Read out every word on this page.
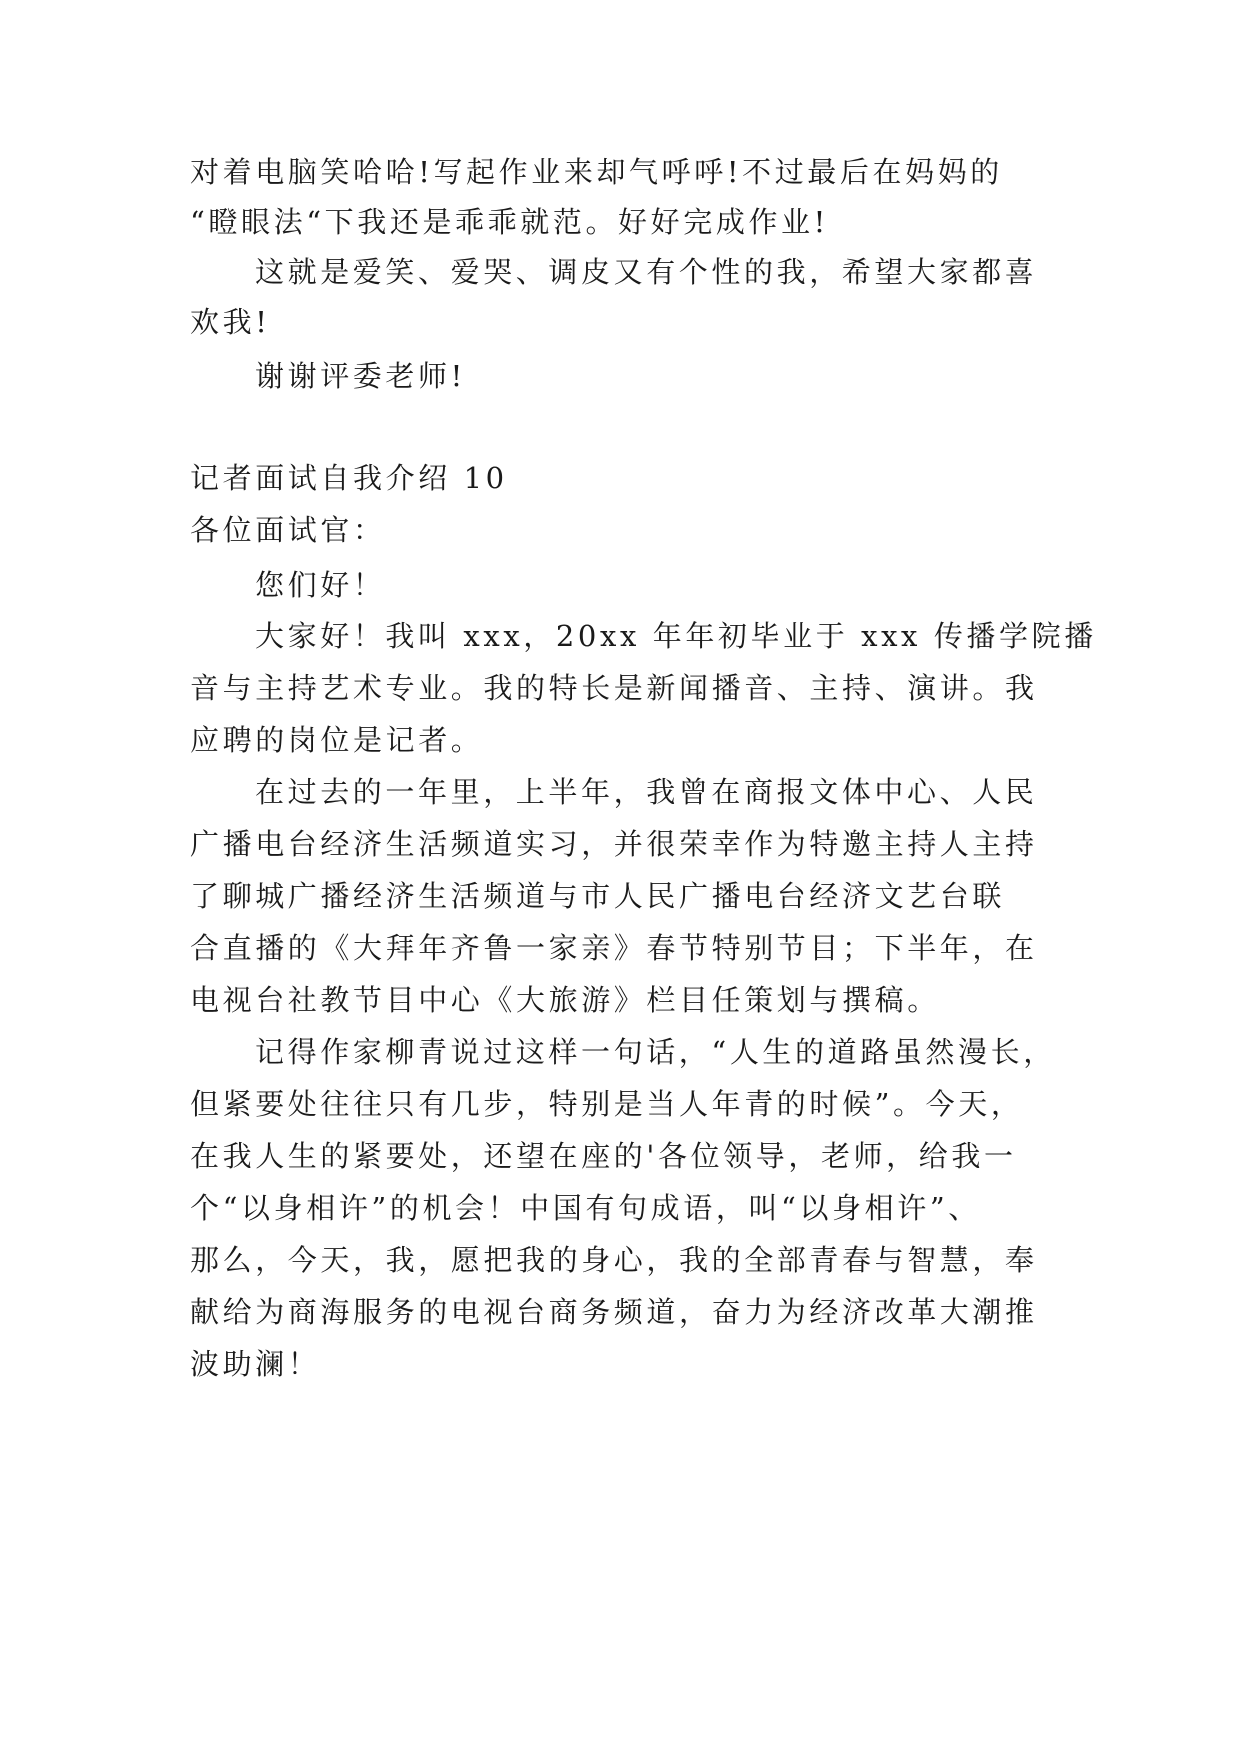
对着电脑笑哈哈!写起作业来却气呼呼!不过最后在妈妈的
“瞪眼法“下我还是乖乖就范。好好完成作业!
这就是爱笑、爱哭、调皮又有个性的我，希望大家都喜
欢我!
谢谢评委老师!
记者面试自我介绍 10
各位面试官：
您们好！
大家好！我叫 xxx，20xx 年年初毕业于 xxx 传播学院播
音与主持艺术专业。我的特长是新闻播音、主持、演讲。我
应聘的岗位是记者。
在过去的一年里，上半年，我曾在商报文体中心、人民
广播电台经济生活频道实习，并很荣幸作为特邀主持人主持
了聊城广播经济生活频道与市人民广播电台经济文艺台联
合直播的《大拜年齐鲁一家亲》春节特别节目；下半年，在
电视台社教节目中心《大旅游》栏目任策划与撰稿。
记得作家柳青说过这样一句话，“人生的道路虽然漫长，
但紧要处往往只有几步，特别是当人年青的时候”。今天，
在我人生的紧要处，还望在座的'各位领导，老师，给我一
个“以身相许”的机会！中国有句成语，叫“以身相许”、
那么，今天，我，愿把我的身心，我的全部青春与智慧，奉
献给为商海服务的电视台商务频道，奋力为经济改革大潮推
波助澜！
